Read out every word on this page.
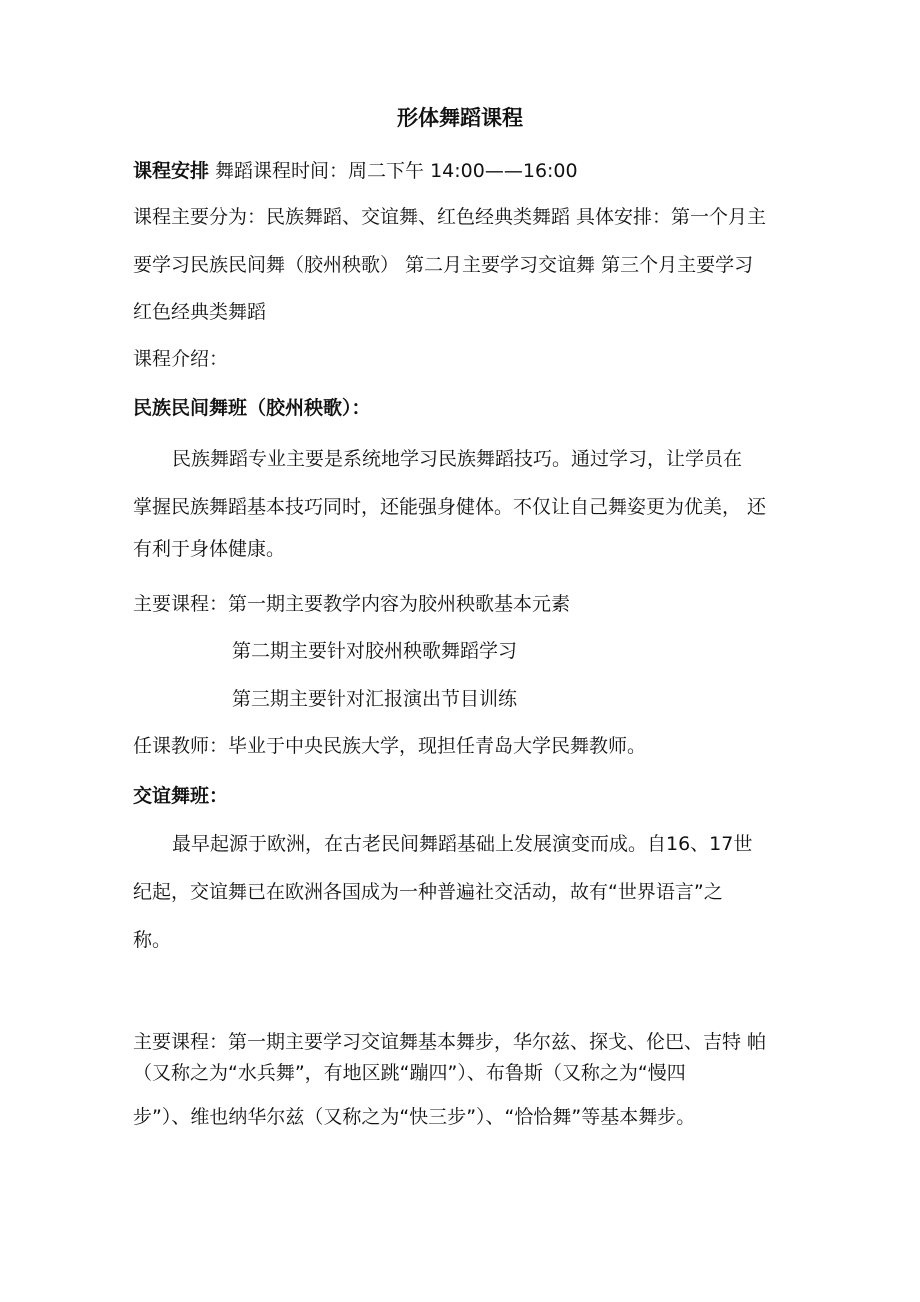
形体舞蹈课程
课程安排 舞蹈课程时间：周二下午 14:00——16:00
课程主要分为：民族舞蹈、交谊舞、红色经典类舞蹈 具体安排：第一个月主
要学习民族民间舞（胶州秧歌） 第二月主要学习交谊舞 第三个月主要学习
红色经典类舞蹈
课程介绍：
民族民间舞班（胶州秧歌）：
民族舞蹈专业主要是系统地学习民族舞蹈技巧。通过学习，让学员在
掌握民族舞蹈基本技巧同时，还能强身健体。不仅让自己舞姿更为优美， 还
有利于身体健康。
主要课程：第一期主要教学内容为胶州秧歌基本元素
第二期主要针对胶州秧歌舞蹈学习
第三期主要针对汇报演出节目训练
任课教师：毕业于中央民族大学，现担任青岛大学民舞教师。
交谊舞班：
最早起源于欧洲，在古老民间舞蹈基础上发展演变而成。自16、17世
纪起，交谊舞已在欧洲各国成为一种普遍社交活动，故有“世界语言”之
称。
主要课程：第一期主要学习交谊舞基本舞步，华尔兹、探戈、伦巴、吉特 帕
（又称之为“水兵舞”，有地区跳“蹦四”）、布鲁斯（又称之为“慢四
步”）、维也纳华尔兹（又称之为“快三步”）、“恰恰舞”等基本舞步。
